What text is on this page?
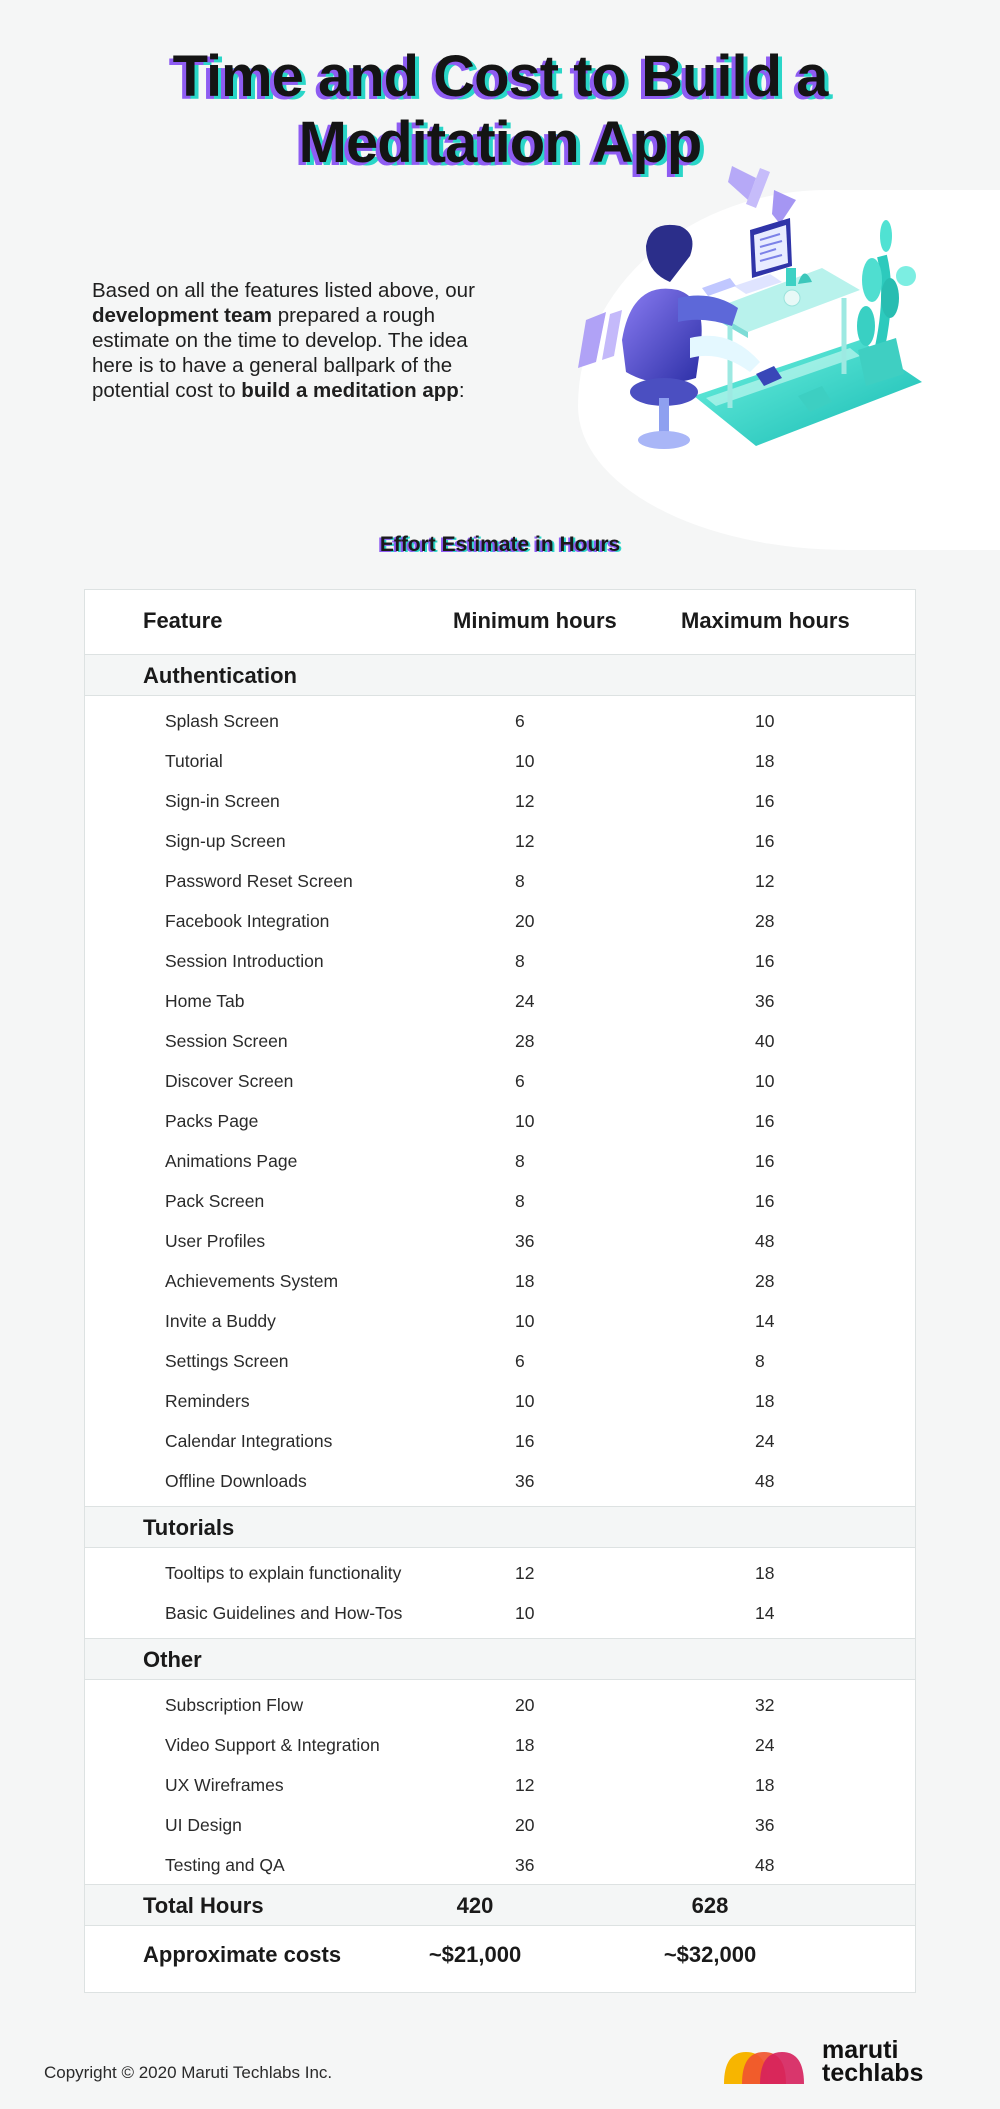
Time and Cost to Build a
Meditation App

Based on all the features listed above, our development team prepared a rough estimate on the time to develop. The idea here is to have a general ballpark of the potential cost to build a meditation app:

Effort Estimate in Hours
Feature	Minimum hours	Maximum hours
Authentication
Splash Screen	6	10
Tutorial	10	18
Sign-in Screen	12	16
Sign-up Screen	12	16
Password Reset Screen	8	12
Facebook Integration	20	28
Session Introduction	8	16
Home Tab	24	36
Session Screen	28	40
Discover Screen	6	10
Packs Page	10	16
Animations Page	8	16
Pack Screen	8	16
User Profiles	36	48
Achievements System	18	28
Invite a Buddy	10	14
Settings Screen	6	8
Reminders	10	18
Calendar Integrations	16	24
Offline Downloads	36	48
Tutorials
Tooltips to explain functionality	12	18
Basic Guidelines and How-Tos	10	14
Other
Subscription Flow	20	32
Video Support & Integration	18	24
UX Wireframes	12	18
UI Design	20	36
Testing and QA	36	48
Total Hours	420	628
Approximate costs	~$21,000	~$32,000
Copyright © 2020 Maruti Techlabs Inc.
maruti
techlabs
